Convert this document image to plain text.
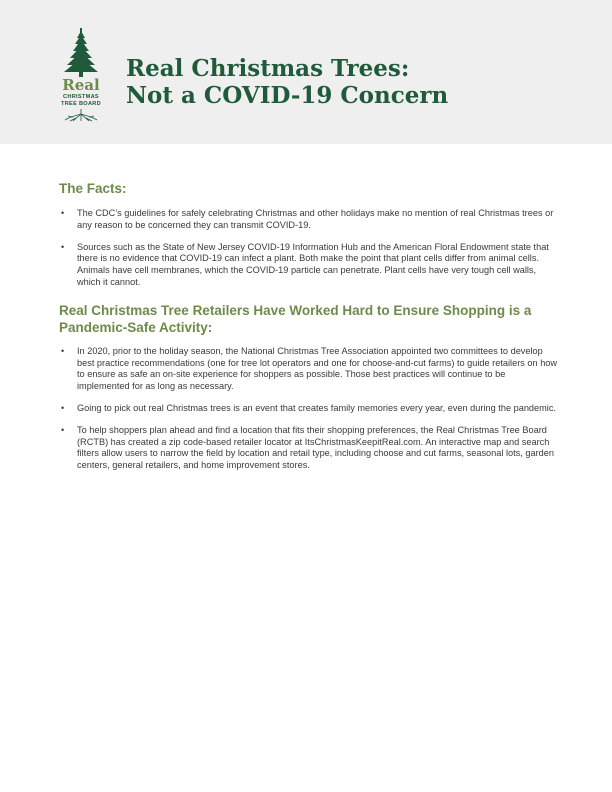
Real
CHRISTMAS
TREE BOARD
Real Christmas Trees:
Not a COVID-19 Concern
The Facts:
• The CDC’s guidelines for safely celebrating Christmas and other holidays make no mention of real Christmas trees or any reason to be concerned they can transmit COVID-19.
• Sources such as the State of New Jersey COVID-19 Information Hub and the American Floral Endowment state that there is no evidence that COVID-19 can infect a plant. Both make the point that plant cells differ from animal cells. Animals have cell membranes, which the COVID-19 particle can penetrate. Plant cells have very tough cell walls, which it cannot.
Real Christmas Tree Retailers Have Worked Hard to Ensure Shopping is a Pandemic-Safe Activity:
• In 2020, prior to the holiday season, the National Christmas Tree Association appointed two committees to develop best practice recommendations (one for tree lot operators and one for choose-and-cut farms) to guide retailers on how to ensure as safe an on-site experience for shoppers as possible. Those best practices will continue to be implemented for as long as necessary.
• Going to pick out real Christmas trees is an event that creates family memories every year, even during the pandemic.
• To help shoppers plan ahead and find a location that fits their shopping preferences, the Real Christmas Tree Board (RCTB) has created a zip code-based retailer locator at ItsChristmasKeepitReal.com. An interactive map and search filters allow users to narrow the field by location and retail type, including choose and cut farms, seasonal lots, garden centers, general retailers, and home improvement stores.
